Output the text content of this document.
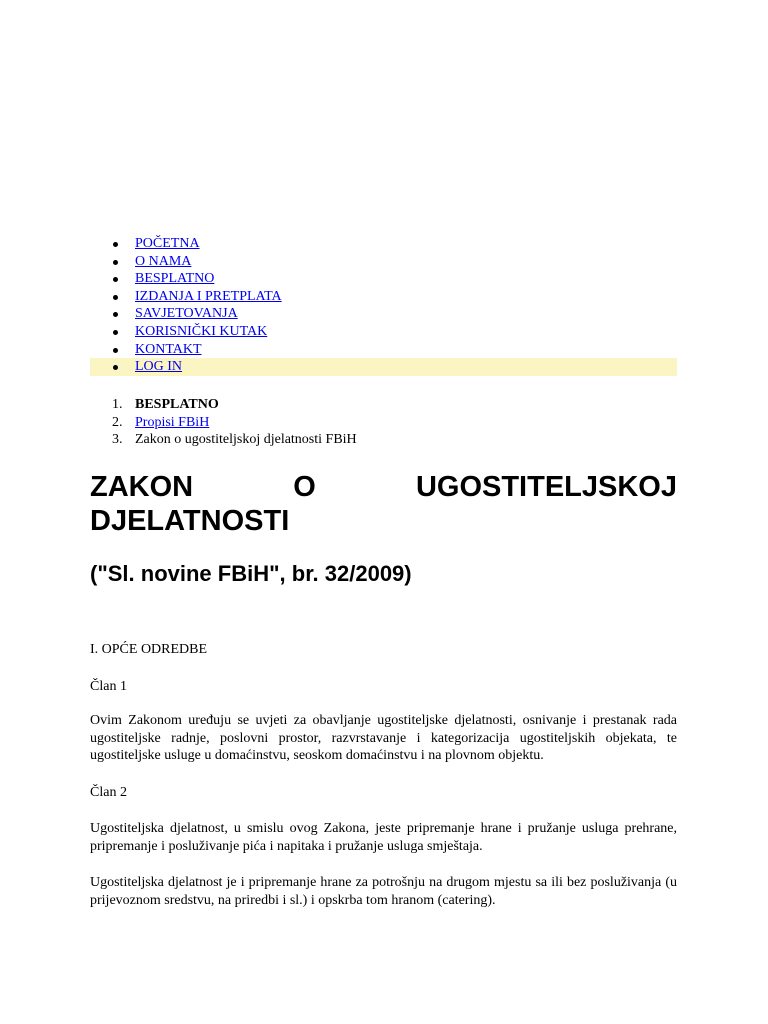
POČETNA
O NAMA
BESPLATNO
IZDANJA I PRETPLATA
SAVJETOVANJA
KORISNIČKI KUTAK
KONTAKT
LOG IN
1. BESPLATNO
2. Propisi FBiH
3. Zakon o ugostiteljskoj djelatnosti FBiH
ZAKON O UGOSTITELJSKOJ DJELATNOSTI
("Sl. novine FBiH", br. 32/2009)

I. OPĆE ODREDBE

Član 1

Ovim Zakonom uređuju se uvjeti za obavljanje ugostiteljske djelatnosti, osnivanje i prestanak rada ugostiteljske radnje, poslovni prostor, razvrstavanje i kategorizacija ugostiteljskih objekata, te ugostiteljske usluge u domaćinstvu, seoskom domaćinstvu i na plovnom objektu.

Član 2

Ugostiteljska djelatnost, u smislu ovog Zakona, jeste pripremanje hrane i pružanje usluga prehrane, pripremanje i posluživanje pića i napitaka i pružanje usluga smještaja.

Ugostiteljska djelatnost je i pripremanje hrane za potrošnju na drugom mjestu sa ili bez posluživanja (u prijevoznom sredstvu, na priredbi i sl.) i opskrba tom hranom (catering).
